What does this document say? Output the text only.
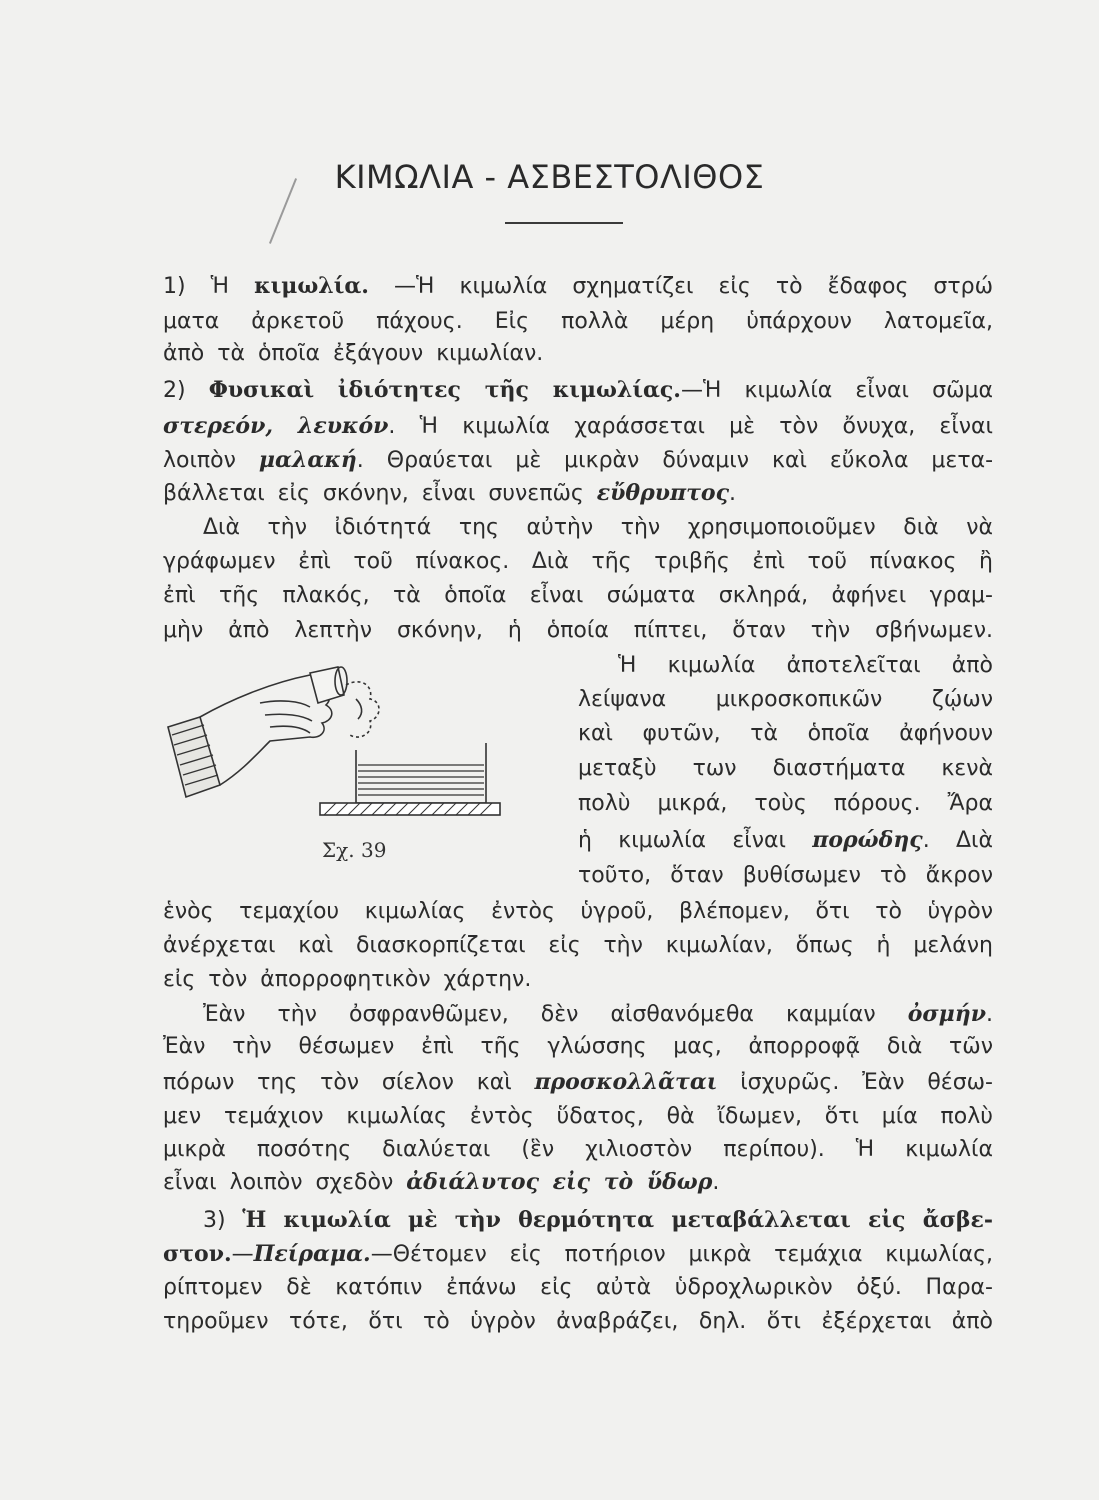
ΚΙΜΩΛΙΑ - ΑΣΒΕΣΤΟΛΙΘΟΣ
1) Ἡ κιμωλία. —Ἡ κιμωλία σχηματίζει εἰς τὸ ἔδαφος στρώ
ματα ἀρκετοῦ πάχους. Εἰς πολλὰ μέρη ὑπάρχουν λατομεῖα,
ἀπὸ τὰ ὁποῖα ἐξάγουν κιμωλίαν.
2) Φυσικαὶ ἰδιότητες τῆς κιμωλίας.—Ἡ κιμωλία εἶναι σῶμα
στερεόν, λευκόν. Ἡ κιμωλία χαράσσεται μὲ τὸν ὄνυχα, εἶναι
λοιπὸν μαλακή. Θραύεται μὲ μικρὰν δύναμιν καὶ εὔκολα μετα-
βάλλεται εἰς σκόνην, εἶναι συνεπῶς εὔθρυπτος.
Διὰ τὴν ἰδιότητά της αὐτὴν τὴν χρησιμοποιοῦμεν διὰ νὰ
γράφωμεν ἐπὶ τοῦ πίνακος. Διὰ τῆς τριβῆς ἐπὶ τοῦ πίνακος ἢ
ἐπὶ τῆς πλακός, τὰ ὁποῖα εἶναι σώματα σκληρά, ἀφήνει γραμ-
μὴν ἀπὸ λεπτὴν σκόνην, ἡ ὁποία πίπτει, ὅταν τὴν σβήνωμεν.
Ἡ κιμωλία ἀποτελεῖται ἀπὸ
λείψανα μικροσκοπικῶν ζῴων
καὶ φυτῶν, τὰ ὁποῖα ἀφήνουν
μεταξὺ των διαστήματα κενὰ
πολὺ μικρά, τοὺς πόρους. Ἄρα
ἡ κιμωλία εἶναι πορώδης. Διὰ
τοῦτο, ὅταν βυθίσωμεν τὸ ἄκρον
Σχ. 39
ἑνὸς τεμαχίου κιμωλίας ἐντὸς ὑγροῦ, βλέπομεν, ὅτι τὸ ὑγρὸν
ἀνέρχεται καὶ διασκορπίζεται εἰς τὴν κιμωλίαν, ὅπως ἡ μελάνη
εἰς τὸν ἀπορροφητικὸν χάρτην.
Ἐὰν τὴν ὀσφρανθῶμεν, δὲν αἰσθανόμεθα καμμίαν ὀσμήν.
Ἐὰν τὴν θέσωμεν ἐπὶ τῆς γλώσσης μας, ἀπορροφᾷ διὰ τῶν
πόρων της τὸν σίελον καὶ προσκολλᾶται ἰσχυρῶς. Ἐὰν θέσω-
μεν τεμάχιον κιμωλίας ἐντὸς ὕδατος, θὰ ἴδωμεν, ὅτι μία πολὺ
μικρὰ ποσότης διαλύεται (ἓν χιλιοστὸν περίπου). Ἡ κιμωλία
εἶναι λοιπὸν σχεδὸν ἀδιάλυτος εἰς τὸ ὕδωρ.
3) Ἡ κιμωλία μὲ τὴν θερμότητα μεταβάλλεται εἰς ἄσβε-
στον.—Πείραμα.—Θέτομεν εἰς ποτήριον μικρὰ τεμάχια κιμωλίας,
ρίπτομεν δὲ κατόπιν ἐπάνω εἰς αὐτὰ ὑδροχλωρικὸν ὀξύ. Παρα-
τηροῦμεν τότε, ὅτι τὸ ὑγρὸν ἀναβράζει, δηλ. ὅτι ἐξέρχεται ἀπὸ
